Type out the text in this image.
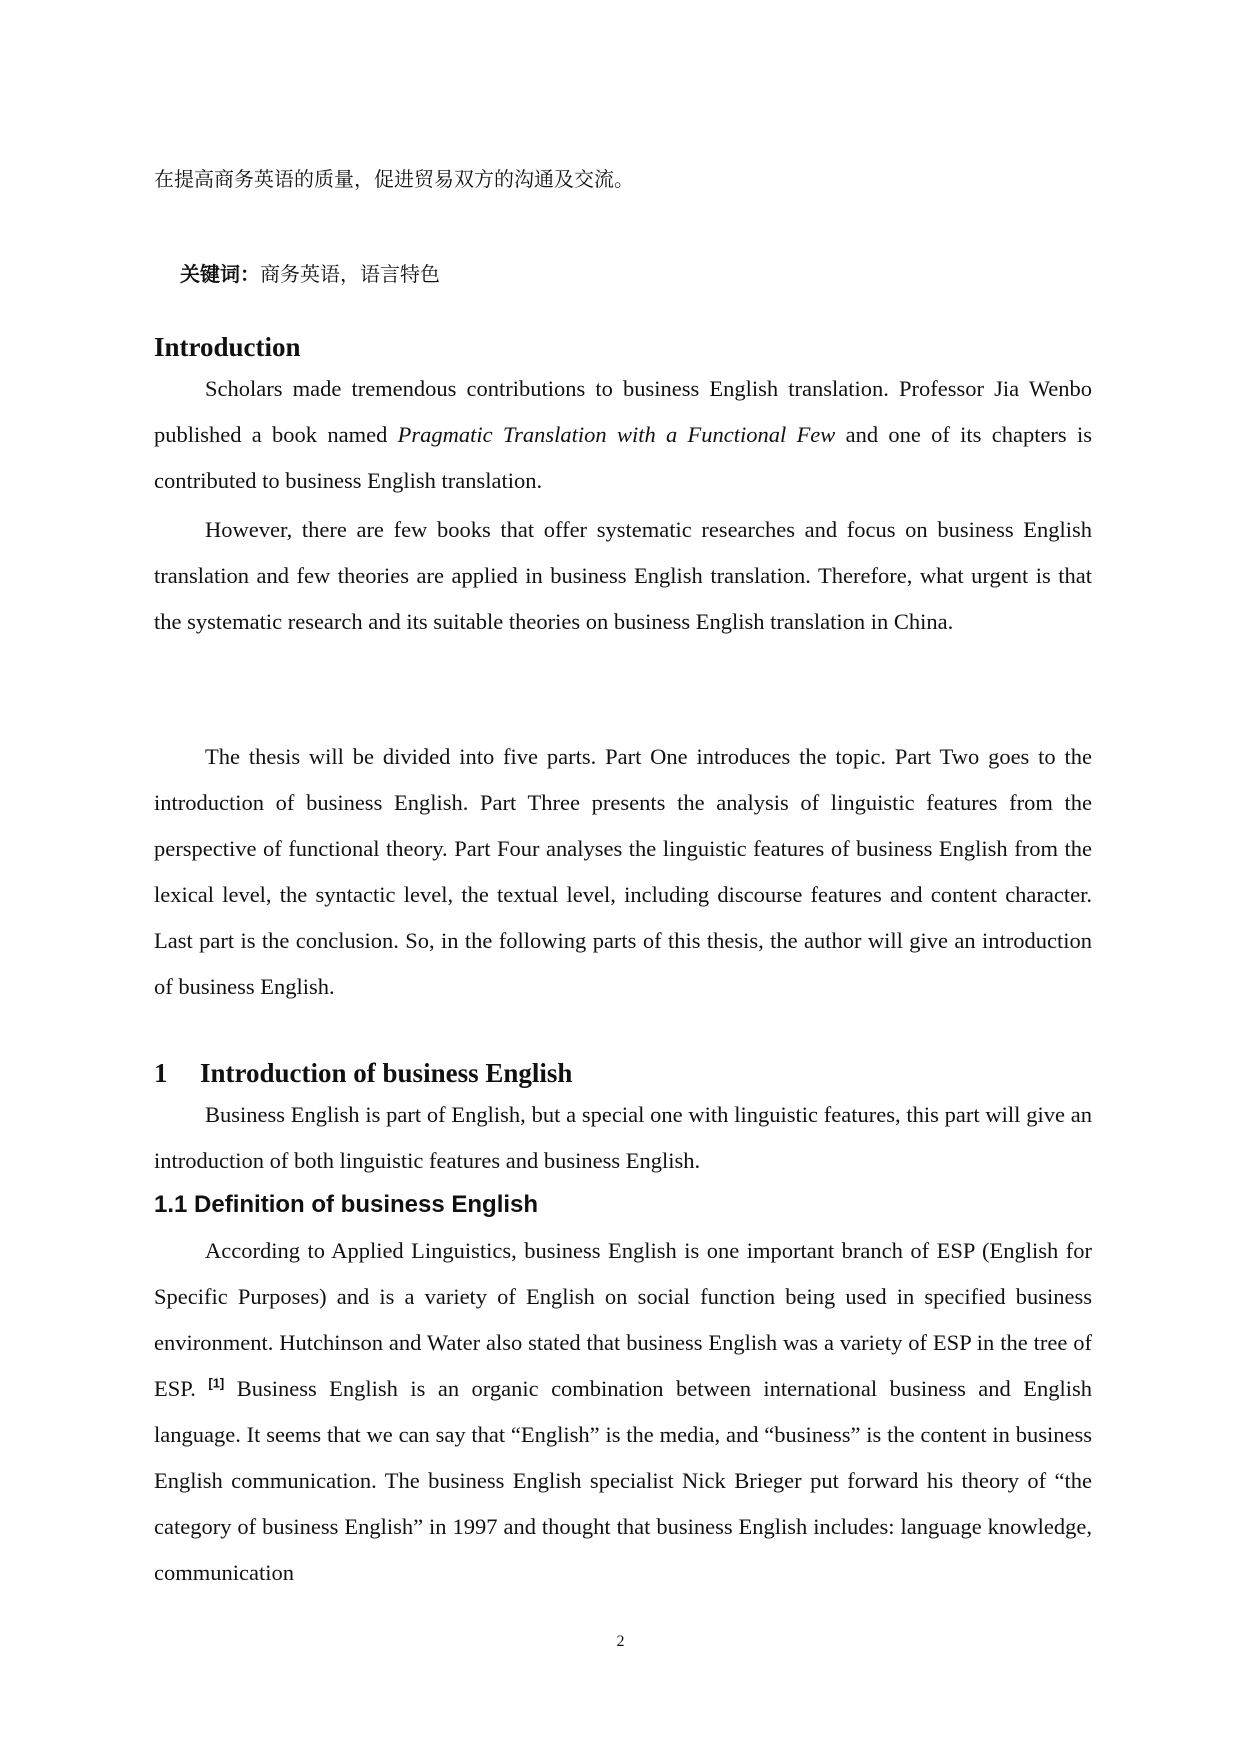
在提高商务英语的质量，促进贸易双方的沟通及交流。

关键词：商务英语，语言特色

Introduction

Scholars made tremendous contributions to business English translation. Professor Jia Wenbo published a book named Pragmatic Translation with a Functional Few and one of its chapters is contributed to business English translation.

However, there are few books that offer systematic researches and focus on business English translation and few theories are applied in business English translation. Therefore, what urgent is that the systematic research and its suitable theories on business English translation in China.

The thesis will be divided into five parts. Part One introduces the topic. Part Two goes to the introduction of business English. Part Three presents the analysis of linguistic features from the perspective of functional theory. Part Four analyses the linguistic features of business English from the lexical level, the syntactic level, the textual level, including discourse features and content character. Last part is the conclusion. So, in the following parts of this thesis, the author will give an introduction of business English.

1 Introduction of business English

Business English is part of English, but a special one with linguistic features, this part will give an introduction of both linguistic features and business English.

1.1 Definition of business English

According to Applied Linguistics, business English is one important branch of ESP (English for Specific Purposes) and is a variety of English on social function being used in specified business environment. Hutchinson and Water also stated that business English was a variety of ESP in the tree of ESP. [1] Business English is an organic combination between international business and English language. It seems that we can say that “English” is the media, and “business” is the content in business English communication. The business English specialist Nick Brieger put forward his theory of “the category of business English” in 1997 and thought that business English includes: language knowledge, communication

2
